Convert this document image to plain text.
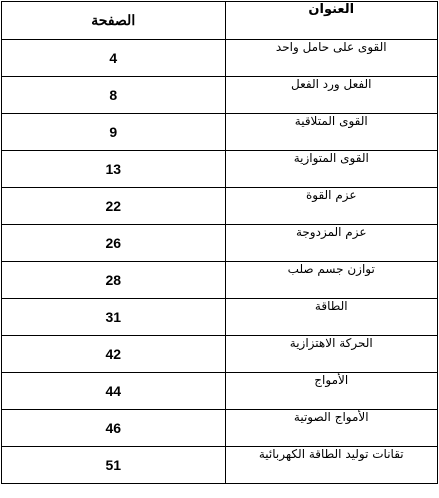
الصفحة	العنوان
4	القوى على حامل واحد
8	الفعل ورد الفعل
9	القوى المتلاقية
13	القوى المتوازية
22	عزم القوة
26	عزم المزدوجة
28	توازن جسم صلب
31	الطاقة
42	الحركة الاهتزازية
44	الأمواج
46	الأمواج الصوتية
51	تقانات توليد الطاقة الكهربائية
